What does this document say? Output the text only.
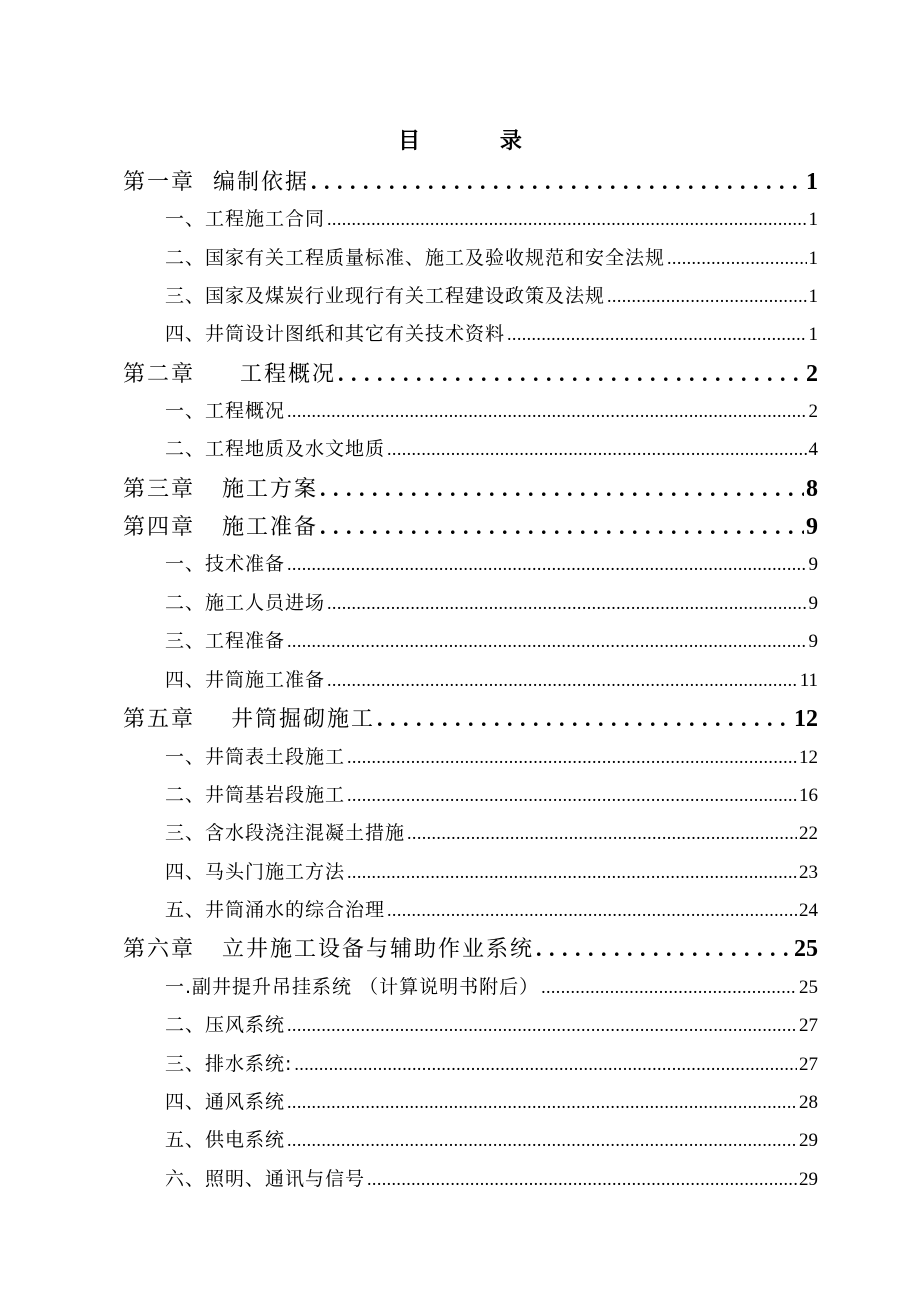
目 录
第一章  编制依据 . . .	1
一、工程施工合同 .....	1
二、国家有关工程质量标准、施工及验收规范和安全法规 .....	1
三、国家及煤炭行业现行有关工程建设政策及法规 .....	1
四、井筒设计图纸和其它有关技术资料 .....	1
第二章     工程概况 . . .	2
一、工程概况 .....	2
二、工程地质及水文地质 .....	4
第三章   施工方案 . . .	8
第四章   施工准备 . . .	9
一、技术准备 .....	9
二、施工人员进场 .....	9
三、工程准备 .....	9
四、井筒施工准备 .....	11
第五章    井筒掘砌施工 . . .	12
一、井筒表土段施工 .....	12
二、井筒基岩段施工 .....	16
三、含水段浇注混凝土措施 .....	22
四、马头门施工方法 .....	23
五、井筒涌水的综合治理 .....	24
第六章   立井施工设备与辅助作业系统 . . .	25
一.副井提升吊挂系统 （计算说明书附后） .....	25
二、压风系统 .....	27
三、排水系统: .....	27
四、通风系统 .....	28
五、供电系统 .....	29
六、照明、通讯与信号 .....	29
